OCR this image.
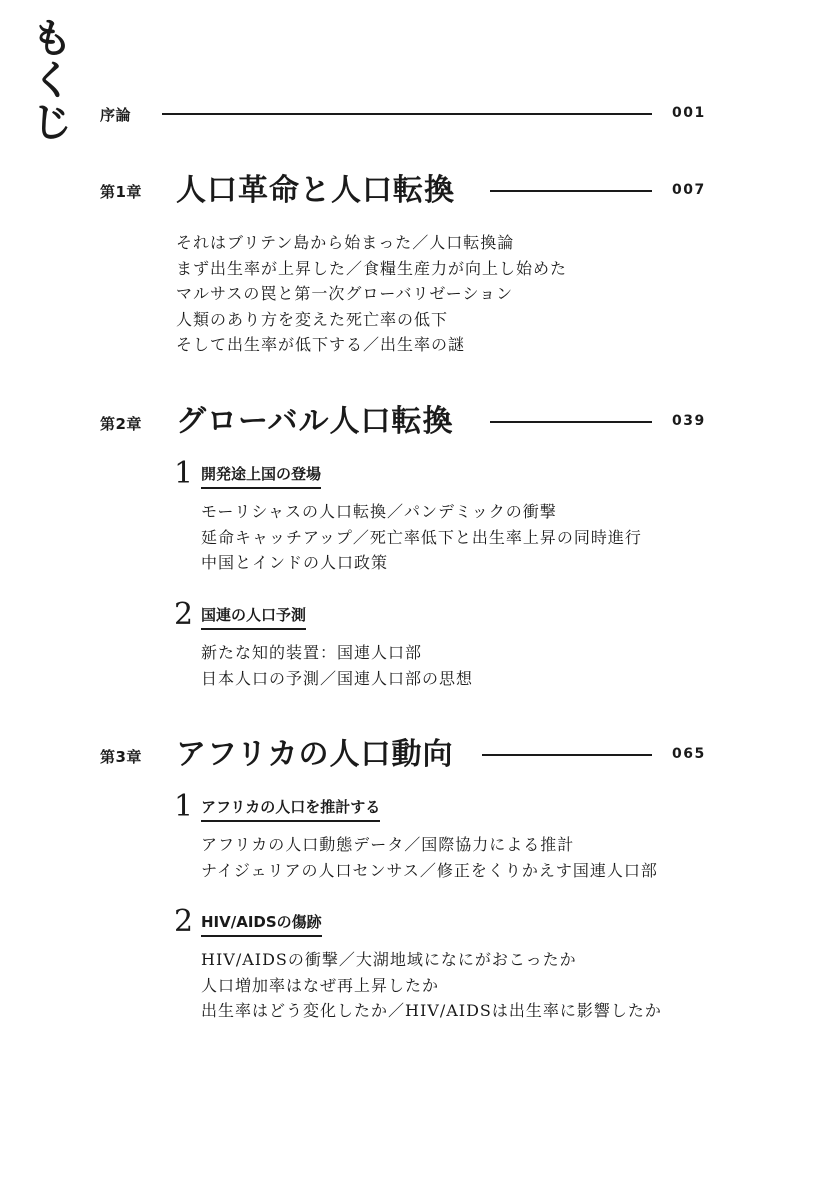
も
く
じ 序論	001
第1章 人口革命と人口転換	007
それはブリテン島から始まった／人口転換論
まず出生率が上昇した／食糧生産力が向上し始めた
マルサスの罠と第一次グローバリゼーション
人類のあり方を変えた死亡率の低下
そして出生率が低下する／出生率の謎
第2章 グローバル人口転換	039
1 開発途上国の登場
モーリシャスの人口転換／パンデミックの衝撃
延命キャッチアップ／死亡率低下と出生率上昇の同時進行
中国とインドの人口政策
2 国連の人口予測
新たな知的装置：国連人口部
日本人口の予測／国連人口部の思想
第3章 アフリカの人口動向	065
1 アフリカの人口を推計する
アフリカの人口動態データ／国際協力による推計
ナイジェリアの人口センサス／修正をくりかえす国連人口部
2 HIV/AIDSの傷跡
HIV/AIDSの衝撃／大湖地域になにがおこったか
人口増加率はなぜ再上昇したか
出生率はどう変化したか／HIV/AIDSは出生率に影響したか
